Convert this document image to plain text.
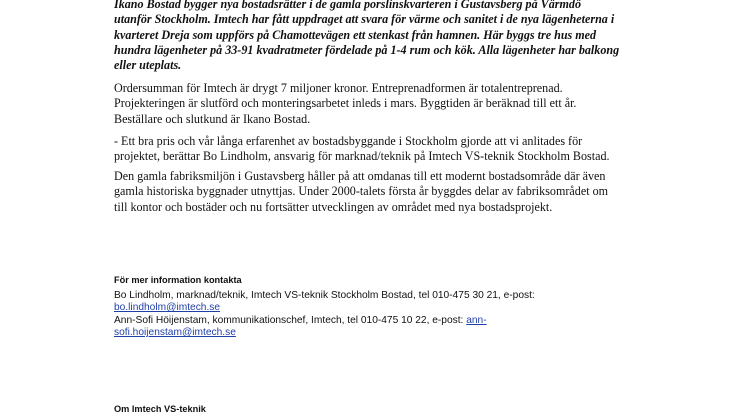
Ikano Bostad bygger nya bostadsrätter i de gamla porslinskvarteren i Gustavsberg på Värmdö

utanför Stockholm. Imtech har fått uppdraget att svara för värme och sanitet i de nya lägenheterna i

kvarteret Dreja som uppförs på Chamottevägen ett stenkast från hamnen. Här byggs tre hus med

hundra lägenheter på 33-91 kvadratmeter fördelade på 1-4 rum och kök. Alla lägenheter har balkong

eller uteplats.

Ordersumman för Imtech är drygt 7 miljoner kronor. Entreprenadformen är totalentreprenad.

Projekteringen är slutförd och monteringsarbetet inleds i mars. Byggtiden är beräknad till ett år.

Beställare och slutkund är Ikano Bostad.

- Ett bra pris och vår långa erfarenhet av bostadsbyggande i Stockholm gjorde att vi anlitades för

projektet, berättar Bo Lindholm, ansvarig för marknad/teknik på Imtech VS-teknik Stockholm Bostad.

Den gamla fabriksmiljön i Gustavsberg håller på att omdanas till ett modernt bostadsområde där även

gamla historiska byggnader utnyttjas. Under 2000-talets första år byggdes delar av fabriksområdet om

till kontor och bostäder och nu fortsätter utvecklingen av området med nya bostadsprojekt.

För mer information kontakta

Bo Lindholm, marknad/teknik, Imtech VS-teknik Stockholm Bostad, tel 010-475 30 21, e-post:

bo.lindholm@imtech.se

Ann-Sofi Höijenstam, kommunikationschef, Imtech, tel 010-475 10 22, e-post: ann-

sofi.hoijenstam@imtech.se

Om Imtech VS-teknik
